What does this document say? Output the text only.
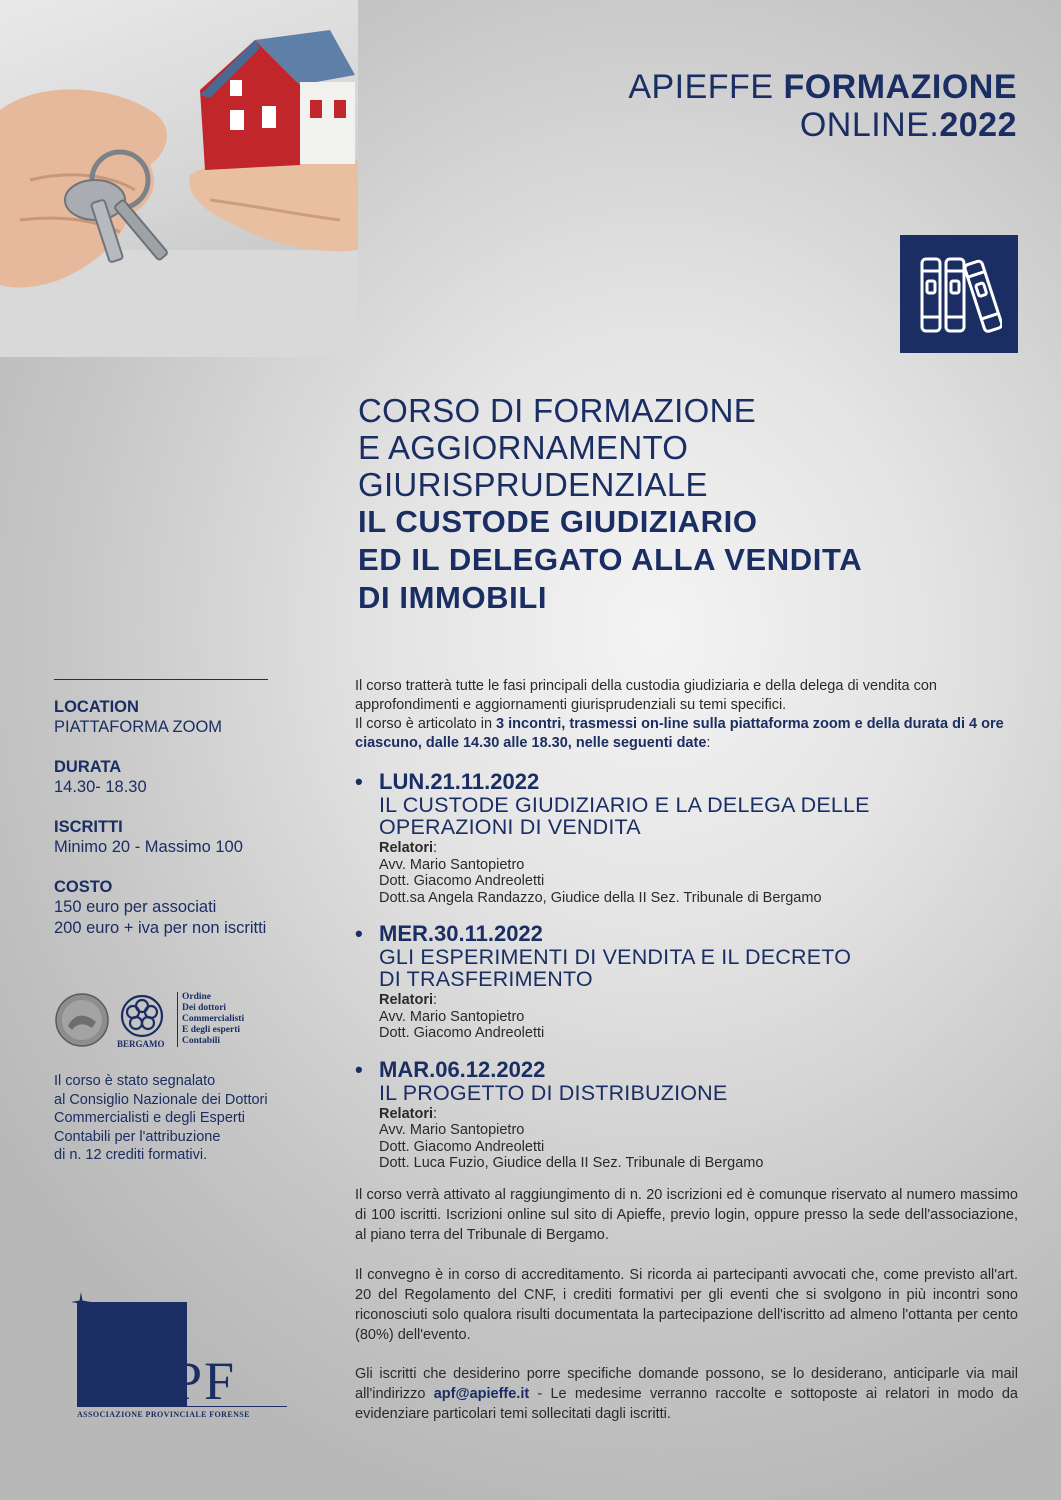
APIEFFE FORMAZIONE
ONLINE.2022
CORSO DI FORMAZIONE
E AGGIORNAMENTO
GIURISPRUDENZIALE
IL CUSTODE GIUDIZIARIO
ED IL DELEGATO ALLA VENDITA
DI IMMOBILI
LOCATION
PIATTAFORMA ZOOM
DURATA
14.30- 18.30
ISCRITTI
Minimo 20 - Massimo 100
COSTO
150 euro per associati
200 euro + iva per non iscritti
BERGAMO
Ordine
Dei dottori
Commercialisti
E degli esperti
Contabili
Il corso è stato segnalato
al Consiglio Nazionale dei Dottori
Commercialisti e degli Esperti
Contabili per l'attribuzione
di n. 12 crediti formativi.
APF
ASSOCIAZIONE PROVINCIALE FORENSE
Il corso tratterà tutte le fasi principali della custodia giudiziaria e della delega di vendita con approfondimenti e aggiornamenti giurisprudenziali su temi specifici.
Il corso è articolato in 3 incontri, trasmessi on-line sulla piattaforma zoom e della durata di 4 ore ciascuno, dalle 14.30 alle 18.30, nelle seguenti date:
• LUN.21.11.2022
IL CUSTODE GIUDIZIARIO E LA DELEGA DELLE
OPERAZIONI DI VENDITA
Relatori:
Avv. Mario Santopietro
Dott. Giacomo Andreoletti
Dott.sa Angela Randazzo, Giudice della II Sez. Tribunale di Bergamo
• MER.30.11.2022
GLI ESPERIMENTI DI VENDITA E IL DECRETO
DI TRASFERIMENTO
Relatori:
Avv. Mario Santopietro
Dott. Giacomo Andreoletti
• MAR.06.12.2022
IL PROGETTO DI DISTRIBUZIONE
Relatori:
Avv. Mario Santopietro
Dott. Giacomo Andreoletti
Dott. Luca Fuzio, Giudice della II Sez. Tribunale di Bergamo
Il corso verrà attivato al raggiungimento di n. 20 iscrizioni ed è comunque riservato al numero massimo di 100 iscritti. Iscrizioni online sul sito di Apieffe, previo login, oppure presso la sede dell'associazione, al piano terra del Tribunale di Bergamo.
Il convegno è in corso di accreditamento. Si ricorda ai partecipanti avvocati che, come previsto all'art. 20 del Regolamento del CNF, i crediti formativi per gli eventi che si svolgono in più incontri sono riconosciuti solo qualora risulti documentata la partecipazione dell'iscritto ad almeno l'ottanta per cento (80%) dell'evento.
Gli iscritti che desiderino porre specifiche domande possono, se lo desiderano, anticiparle via mail all'indirizzo apf@apieffe.it - Le medesime verranno raccolte e sottoposte ai relatori in modo da evidenziare particolari temi sollecitati dagli iscritti.
